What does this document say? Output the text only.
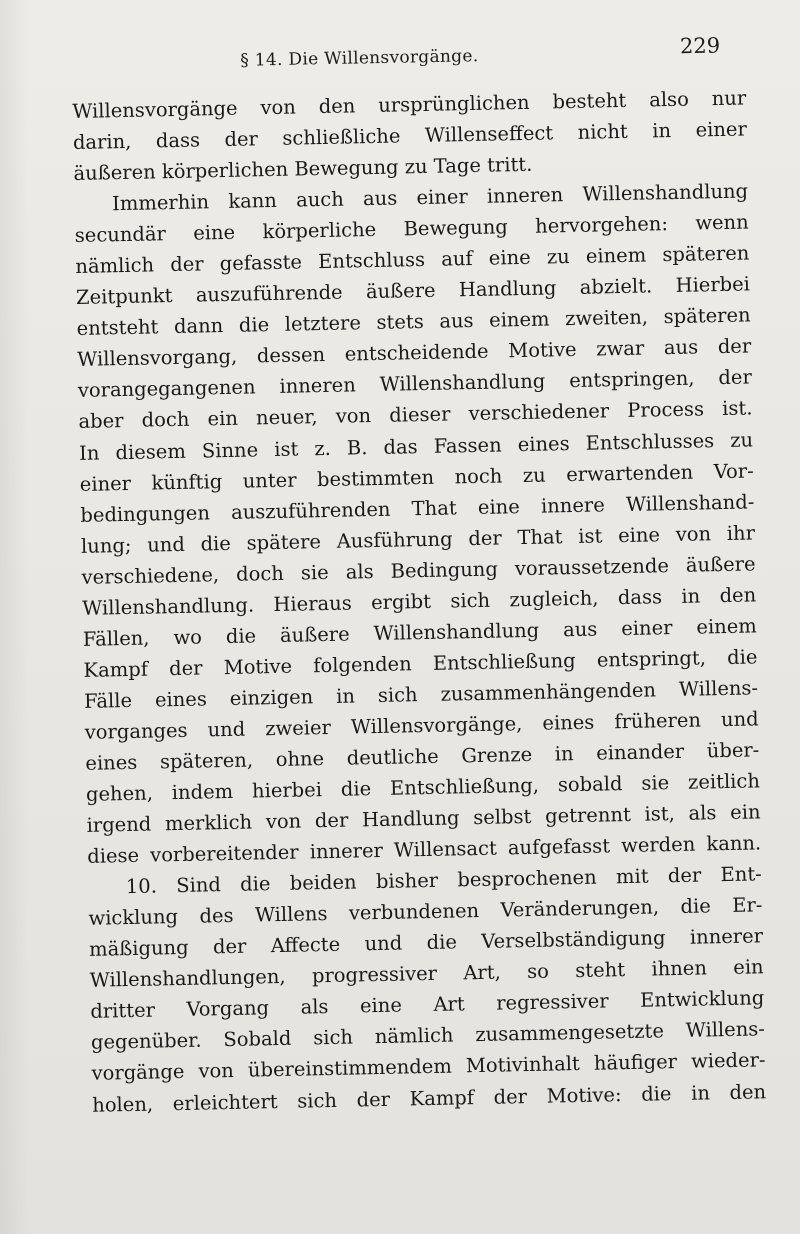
§ 14. Die Willensvorgänge.
229
Willensvorgänge von den ursprünglichen besteht also nur
darin, dass der schließliche Willenseffect nicht in einer
äußeren körperlichen Bewegung zu Tage tritt.
Immerhin kann auch aus einer inneren Willenshandlung
secundär eine körperliche Bewegung hervorgehen: wenn
nämlich der gefasste Entschluss auf eine zu einem späteren
Zeitpunkt auszuführende äußere Handlung abzielt. Hierbei
entsteht dann die letztere stets aus einem zweiten, späteren
Willensvorgang, dessen entscheidende Motive zwar aus der
vorangegangenen inneren Willenshandlung entspringen, der
aber doch ein neuer, von dieser verschiedener Process ist.
In diesem Sinne ist z. B. das Fassen eines Entschlusses zu
einer künftig unter bestimmten noch zu erwartenden Vor-
bedingungen auszuführenden That eine innere Willenshand-
lung; und die spätere Ausführung der That ist eine von ihr
verschiedene, doch sie als Bedingung voraussetzende äußere
Willenshandlung. Hieraus ergibt sich zugleich, dass in den
Fällen, wo die äußere Willenshandlung aus einer einem
Kampf der Motive folgenden Entschließung entspringt, die
Fälle eines einzigen in sich zusammenhängenden Willens-
vorganges und zweier Willensvorgänge, eines früheren und
eines späteren, ohne deutliche Grenze in einander über-
gehen, indem hierbei die Entschließung, sobald sie zeitlich
irgend merklich von der Handlung selbst getrennt ist, als ein
diese vorbereitender innerer Willensact aufgefasst werden kann.
10. Sind die beiden bisher besprochenen mit der Ent-
wicklung des Willens verbundenen Veränderungen, die Er-
mäßigung der Affecte und die Verselbständigung innerer
Willenshandlungen, progressiver Art, so steht ihnen ein
dritter Vorgang als eine Art regressiver Entwicklung
gegenüber. Sobald sich nämlich zusammengesetzte Willens-
vorgänge von übereinstimmendem Motivinhalt häufiger wieder-
holen, erleichtert sich der Kampf der Motive: die in den
